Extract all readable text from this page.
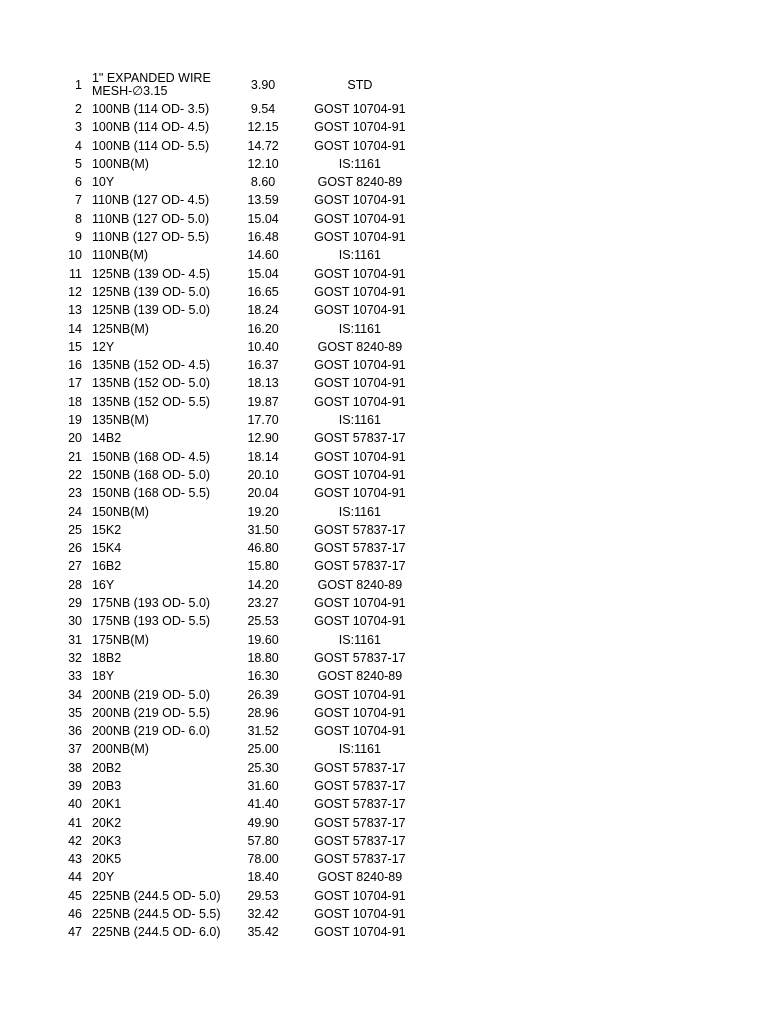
1	1" EXPANDED WIRE MESH-∅3.15	3.90	STD
2	100NB (114 OD- 3.5)	9.54	GOST 10704-91
3	100NB (114 OD- 4.5)	12.15	GOST 10704-91
4	100NB (114 OD- 5.5)	14.72	GOST 10704-91
5	100NB(M)	12.10	IS:1161
6	10Y	8.60	GOST 8240-89
7	110NB (127 OD- 4.5)	13.59	GOST 10704-91
8	110NB (127 OD- 5.0)	15.04	GOST 10704-91
9	110NB (127 OD- 5.5)	16.48	GOST 10704-91
10	110NB(M)	14.60	IS:1161
11	125NB (139 OD- 4.5)	15.04	GOST 10704-91
12	125NB (139 OD- 5.0)	16.65	GOST 10704-91
13	125NB (139 OD- 5.0)	18.24	GOST 10704-91
14	125NB(M)	16.20	IS:1161
15	12Y	10.40	GOST 8240-89
16	135NB (152 OD- 4.5)	16.37	GOST 10704-91
17	135NB (152 OD- 5.0)	18.13	GOST 10704-91
18	135NB (152 OD- 5.5)	19.87	GOST 10704-91
19	135NB(M)	17.70	IS:1161
20	14B2	12.90	GOST 57837-17
21	150NB (168 OD- 4.5)	18.14	GOST 10704-91
22	150NB (168 OD- 5.0)	20.10	GOST 10704-91
23	150NB (168 OD- 5.5)	20.04	GOST 10704-91
24	150NB(M)	19.20	IS:1161
25	15K2	31.50	GOST 57837-17
26	15K4	46.80	GOST 57837-17
27	16B2	15.80	GOST 57837-17
28	16Y	14.20	GOST 8240-89
29	175NB (193 OD- 5.0)	23.27	GOST 10704-91
30	175NB (193 OD- 5.5)	25.53	GOST 10704-91
31	175NB(M)	19.60	IS:1161
32	18B2	18.80	GOST 57837-17
33	18Y	16.30	GOST 8240-89
34	200NB (219 OD- 5.0)	26.39	GOST 10704-91
35	200NB (219 OD- 5.5)	28.96	GOST 10704-91
36	200NB (219 OD- 6.0)	31.52	GOST 10704-91
37	200NB(M)	25.00	IS:1161
38	20B2	25.30	GOST 57837-17
39	20B3	31.60	GOST 57837-17
40	20K1	41.40	GOST 57837-17
41	20K2	49.90	GOST 57837-17
42	20K3	57.80	GOST 57837-17
43	20K5	78.00	GOST 57837-17
44	20Y	18.40	GOST 8240-89
45	225NB (244.5 OD- 5.0)	29.53	GOST 10704-91
46	225NB (244.5 OD- 5.5)	32.42	GOST 10704-91
47	225NB (244.5 OD- 6.0)	35.42	GOST 10704-91
